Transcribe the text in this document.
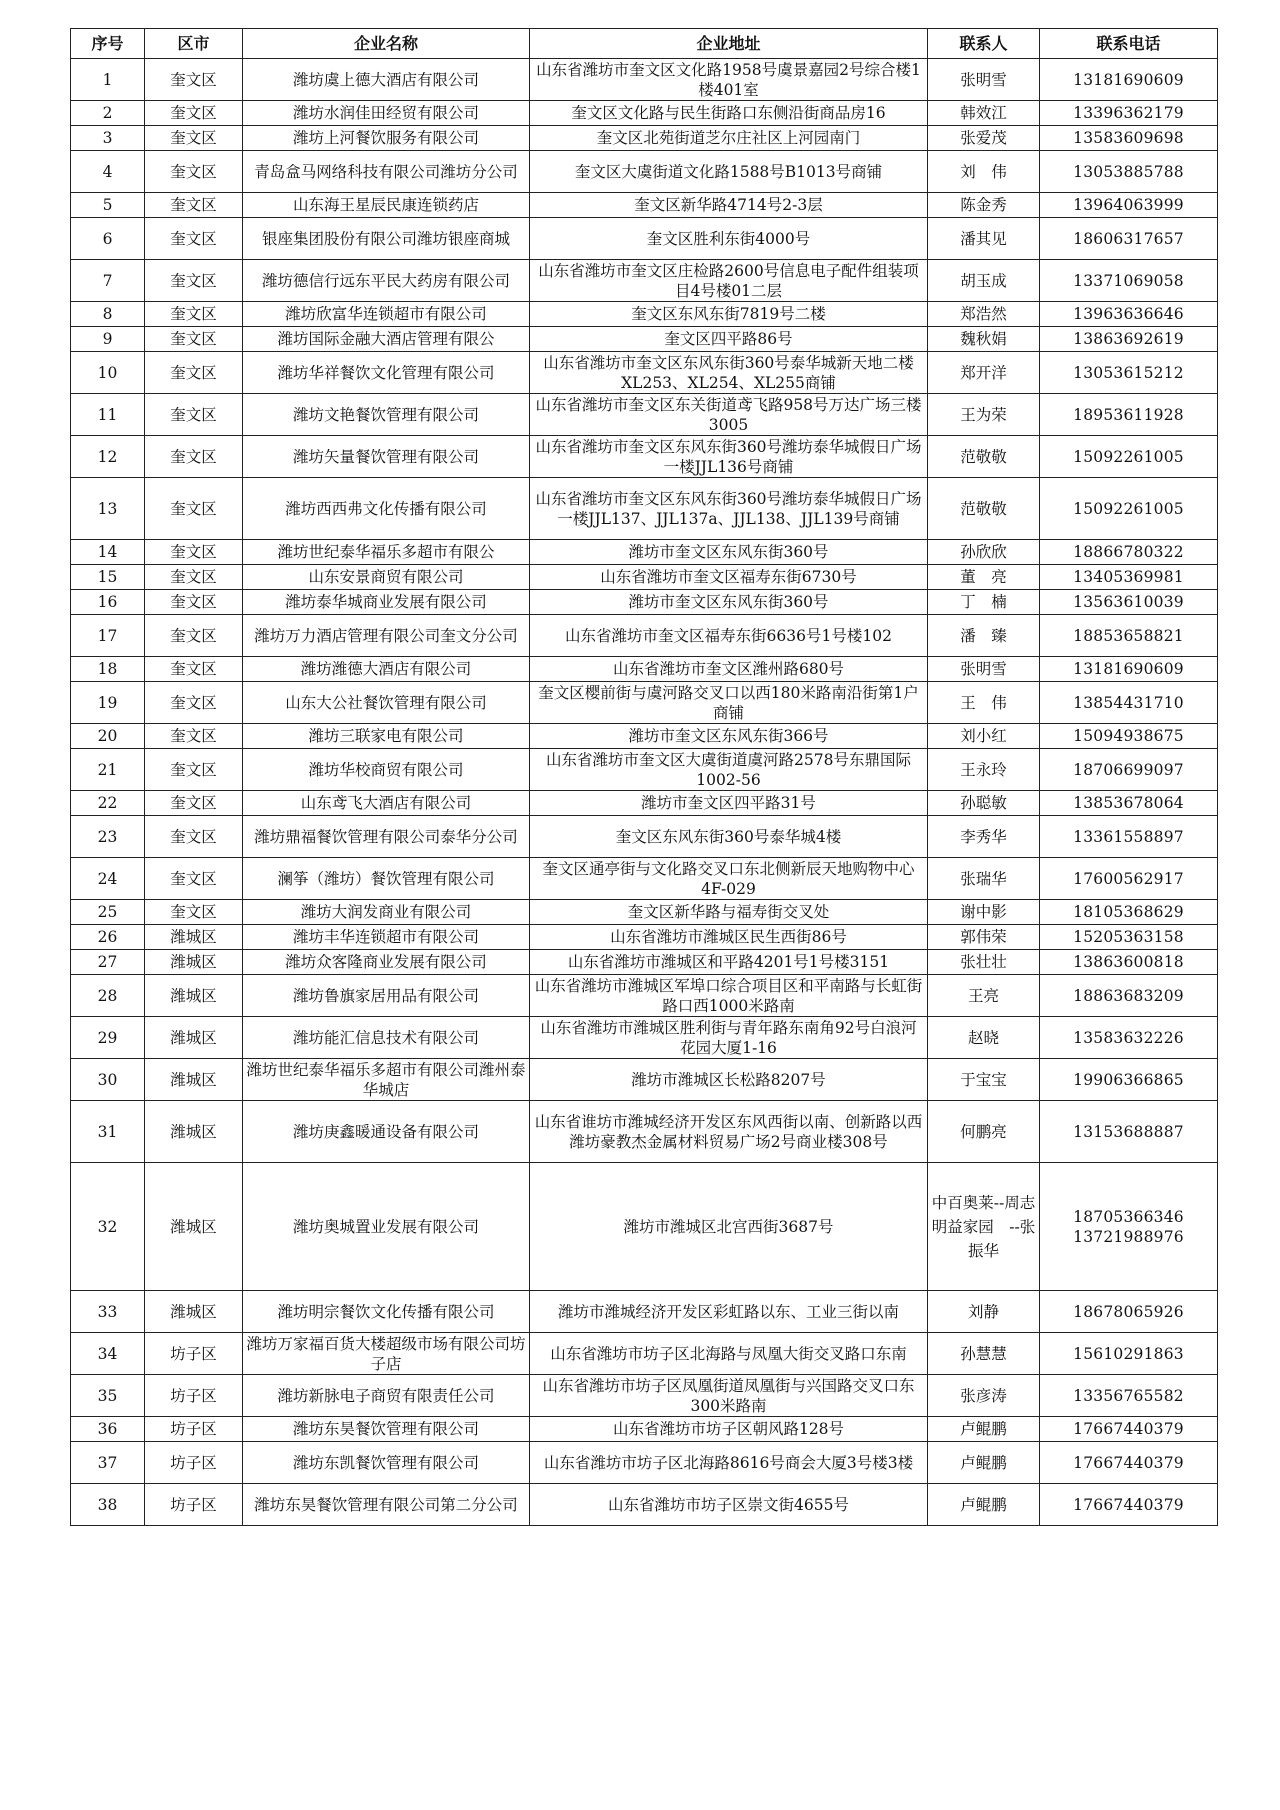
序号	区市	企业名称	企业地址	联系人	联系电话
1	奎文区	潍坊虞上德大酒店有限公司	山东省潍坊市奎文区文化路1958号虞景嘉园2号综合楼1楼401室	张明雪	13181690609
2	奎文区	潍坊水润佳田经贸有限公司	奎文区文化路与民生街路口东侧沿街商品房16	韩效江	13396362179
3	奎文区	潍坊上河餐饮服务有限公司	奎文区北苑街道芝尔庄社区上河园南门	张爱茂	13583609698
4	奎文区	青岛盒马网络科技有限公司潍坊分公司	奎文区大虞街道文化路1588号B1013号商铺	刘　伟	13053885788
5	奎文区	山东海王星辰民康连锁药店	奎文区新华路4714号2-3层	陈金秀	13964063999
6	奎文区	银座集团股份有限公司潍坊银座商城	奎文区胜利东街4000号	潘其见	18606317657
7	奎文区	潍坊德信行远东平民大药房有限公司	山东省潍坊市奎文区庄检路2600号信息电子配件组装项目4号楼01二层	胡玉成	13371069058
8	奎文区	潍坊欣富华连锁超市有限公司	奎文区东风东街7819号二楼	郑浩然	13963636646
9	奎文区	潍坊国际金融大酒店管理有限公	奎文区四平路86号	魏秋娟	13863692619
10	奎文区	潍坊华祥餐饮文化管理有限公司	山东省潍坊市奎文区东风东街360号泰华城新天地二楼XL253、XL254、XL255商铺	郑开洋	13053615212
11	奎文区	潍坊文艳餐饮管理有限公司	山东省潍坊市奎文区东关街道鸢飞路958号万达广场三楼3005	王为荣	18953611928
12	奎文区	潍坊矢量餐饮管理有限公司	山东省潍坊市奎文区东风东街360号潍坊泰华城假日广场一楼JJL136号商铺	范敬敬	15092261005
13	奎文区	潍坊西西弗文化传播有限公司	山东省潍坊市奎文区东风东街360号潍坊泰华城假日广场一楼JJL137、JJL137a、JJL138、JJL139号商铺	范敬敬	15092261005
14	奎文区	潍坊世纪泰华福乐多超市有限公	潍坊市奎文区东风东街360号	孙欣欣	18866780322
15	奎文区	山东安景商贸有限公司	山东省潍坊市奎文区福寿东街6730号	董　亮	13405369981
16	奎文区	潍坊泰华城商业发展有限公司	潍坊市奎文区东风东街360号	丁　楠	13563610039
17	奎文区	潍坊万力酒店管理有限公司奎文分公司	山东省潍坊市奎文区福寿东街6636号1号楼102	潘　臻	18853658821
18	奎文区	潍坊潍德大酒店有限公司	山东省潍坊市奎文区潍州路680号	张明雪	13181690609
19	奎文区	山东大公社餐饮管理有限公司	奎文区樱前街与虞河路交叉口以西180米路南沿街第1户商铺	王　伟	13854431710
20	奎文区	潍坊三联家电有限公司	潍坊市奎文区东风东街366号	刘小红	15094938675
21	奎文区	潍坊华校商贸有限公司	山东省潍坊市奎文区大虞街道虞河路2578号东鼎国际1002-56	王永玲	18706699097
22	奎文区	山东鸢飞大酒店有限公司	潍坊市奎文区四平路31号	孙聪敏	13853678064
23	奎文区	潍坊鼎福餐饮管理有限公司泰华分公司	奎文区东风东街360号泰华城4楼	李秀华	13361558897
24	奎文区	澜筝（潍坊）餐饮管理有限公司	奎文区通亭街与文化路交叉口东北侧新辰天地购物中心4F-029	张瑞华	17600562917
25	奎文区	潍坊大润发商业有限公司	奎文区新华路与福寿街交叉处	谢中影	18105368629
26	潍城区	潍坊丰华连锁超市有限公司	山东省潍坊市潍城区民生西街86号	郭伟荣	15205363158
27	潍城区	潍坊众客隆商业发展有限公司	山东省潍坊市潍城区和平路4201号1号楼3151	张壮壮	13863600818
28	潍城区	潍坊鲁旗家居用品有限公司	山东省潍坊市潍城区军埠口综合项目区和平南路与长虹街路口西1000米路南	王亮	18863683209
29	潍城区	潍坊能汇信息技术有限公司	山东省潍坊市潍城区胜利街与青年路东南角92号白浪河花园大厦1-16	赵晓	13583632226
30	潍城区	潍坊世纪泰华福乐多超市有限公司潍州泰华城店	潍坊市潍城区长松路8207号	于宝宝	19906366865
31	潍城区	潍坊庚鑫暖通设备有限公司	山东省谁坊市潍城经济开发区东风西街以南、创新路以西潍坊豪教杰金属材料贸易广场2号商业楼308号	何鹏亮	13153688887
32	潍城区	潍坊奥城置业发展有限公司	潍坊市潍城区北宫西街3687号	中百奥莱--周志明益家园　--张振华	18705366346
13721988976

33	潍城区	潍坊明宗餐饮文化传播有限公司	潍坊市潍城经济开发区彩虹路以东、工业三街以南	刘静	18678065926
34	坊子区	潍坊万家福百货大楼超级市场有限公司坊子店	山东省潍坊市坊子区北海路与凤凰大街交叉路口东南	孙慧慧	15610291863
35	坊子区	潍坊新脉电子商贸有限责任公司	山东省潍坊市坊子区凤凰街道凤凰街与兴国路交叉口东300米路南	张彦涛	13356765582
36	坊子区	潍坊东昊餐饮管理有限公司	山东省潍坊市坊子区朝风路128号	卢鲲鹏	17667440379
37	坊子区	潍坊东凯餐饮管理有限公司	山东省潍坊市坊子区北海路8616号商会大厦3号楼3楼	卢鲲鹏	17667440379
38	坊子区	潍坊东昊餐饮管理有限公司第二分公司	山东省潍坊市坊子区崇文街4655号	卢鲲鹏	17667440379
